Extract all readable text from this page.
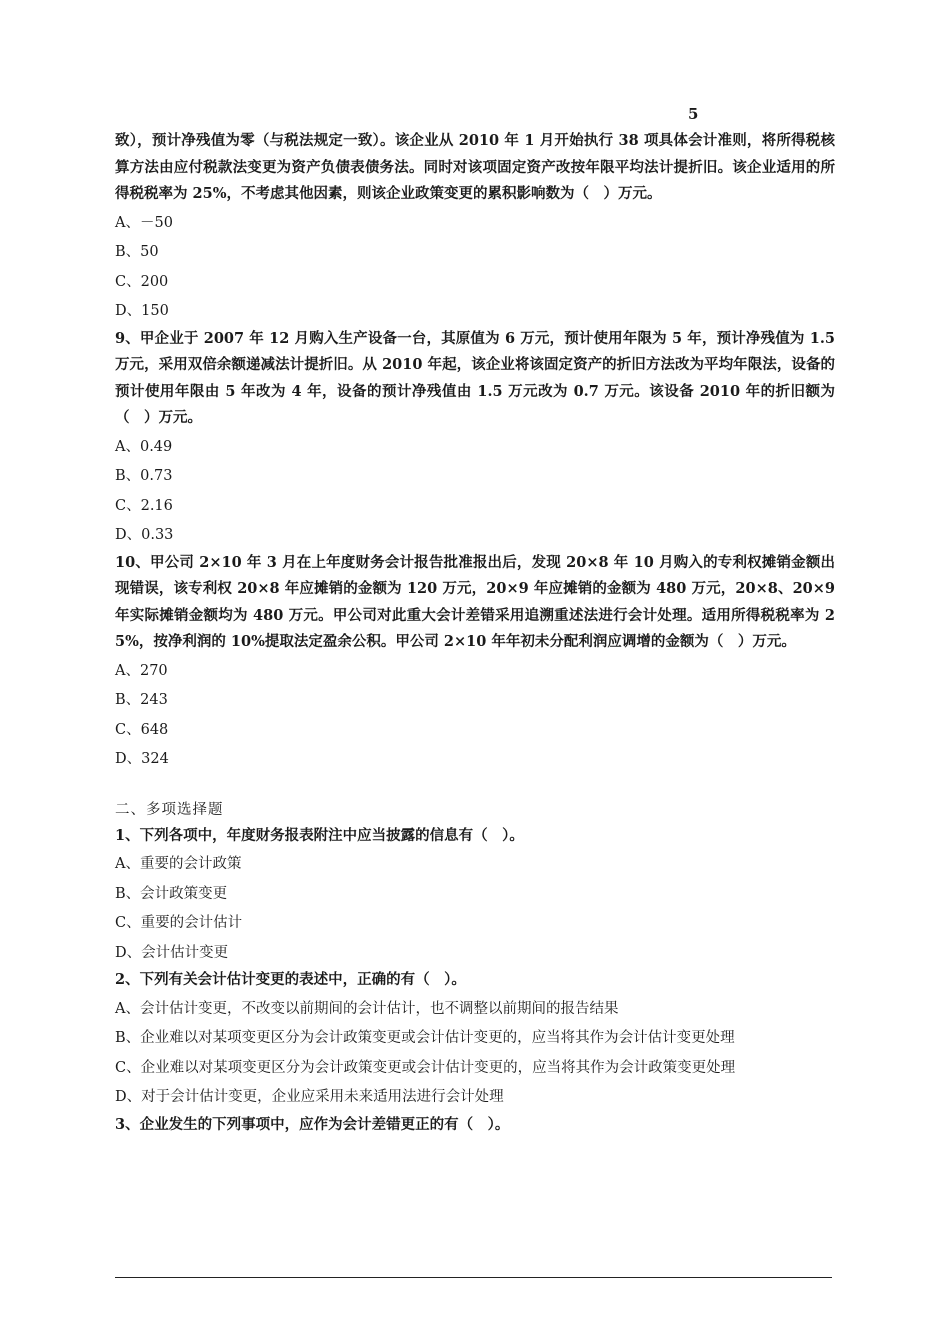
5

致），预计净残值为零（与税法规定一致）。该企业从 2010 年 1 月开始执行 38 项具体会计准则，将所得税核算方法由应付税款法变更为资产负债表债务法。同时对该项固定资产改按年限平均法计提折旧。该企业适用的所得税税率为 25%，不考虑其他因素，则该企业政策变更的累积影响数为（　）万元。

A、－50

B、50

C、200

D、150

9、甲企业于 2007 年 12 月购入生产设备一台，其原值为 6 万元，预计使用年限为 5 年，预计净残值为 1.5 万元，采用双倍余额递减法计提折旧。从 2010 年起，该企业将该固定资产的折旧方法改为平均年限法，设备的预计使用年限由 5 年改为 4 年，设备的预计净残值由 1.5 万元改为 0.7 万元。该设备 2010 年的折旧额为（　）万元。

A、0.49

B、0.73

C、2.16

D、0.33

10、甲公司 2×10 年 3 月在上年度财务会计报告批准报出后，发现 20×8 年 10 月购入的专利权摊销金额出现错误，该专利权 20×8 年应摊销的金额为 120 万元，20×9 年应摊销的金额为 480 万元，20×8、20×9 年实际摊销金额均为 480 万元。甲公司对此重大会计差错采用追溯重述法进行会计处理。适用所得税税率为 25%，按净利润的 10%提取法定盈余公积。甲公司 2×10 年年初未分配利润应调增的金额为（　）万元。

A、270

B、243

C、648

D、324

二、多项选择题

1、下列各项中，年度财务报表附注中应当披露的信息有（　）。

A、重要的会计政策

B、会计政策变更

C、重要的会计估计

D、会计估计变更

2、下列有关会计估计变更的表述中，正确的有（　）。

A、会计估计变更，不改变以前期间的会计估计，也不调整以前期间的报告结果

B、企业难以对某项变更区分为会计政策变更或会计估计变更的，应当将其作为会计估计变更处理

C、企业难以对某项变更区分为会计政策变更或会计估计变更的，应当将其作为会计政策变更处理

D、对于会计估计变更，企业应采用未来适用法进行会计处理

3、企业发生的下列事项中，应作为会计差错更正的有（　）。
